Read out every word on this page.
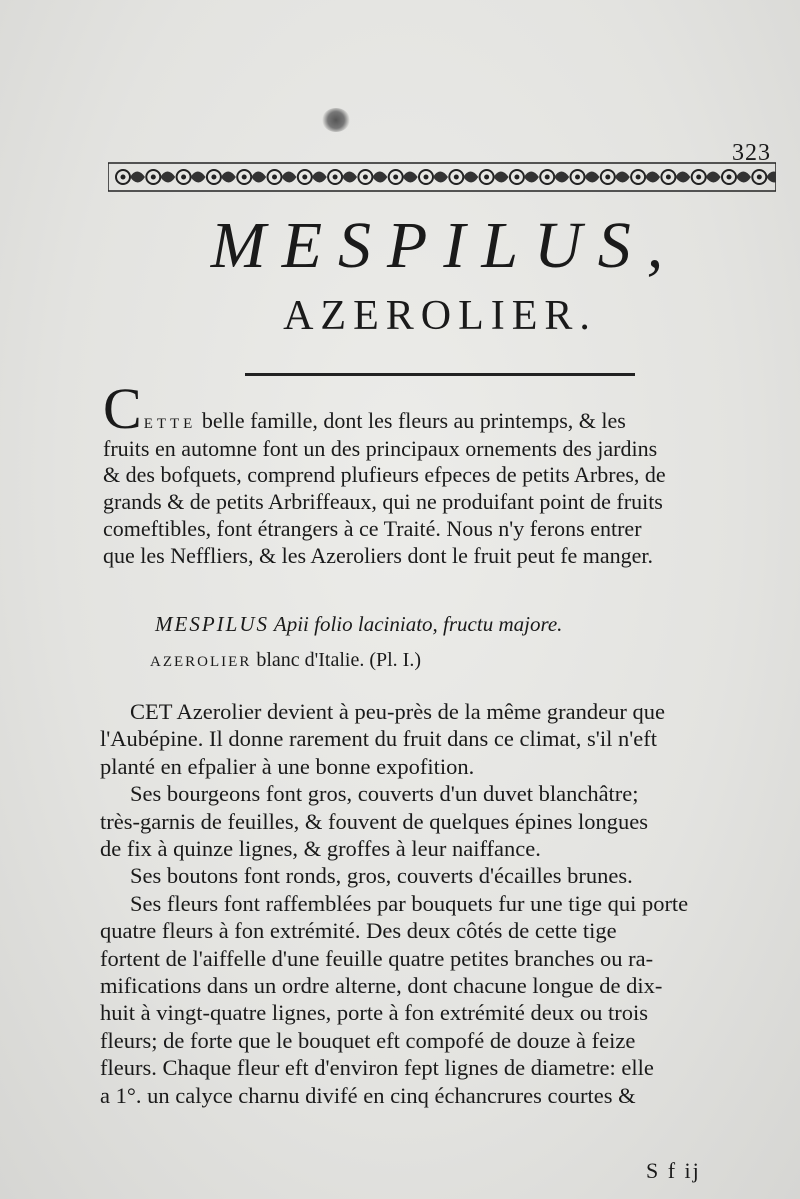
323
MESPILUS,
AZEROLIER.
C ETTE belle famille, dont les fleurs au printemps, & les
fruits en automne font un des principaux ornements des jardins
& des bofquets, comprend plufieurs efpeces de petits Arbres, de
grands & de petits Arbriffeaux, qui ne produifant point de fruits
comeftibles, font étrangers à ce Traité. Nous n'y ferons entrer
que les Neffliers, & les Azeroliers dont le fruit peut fe manger.
MESPILUS Apii folio laciniato, fructu majore.
AZEROLIER blanc d'Italie. (Pl. I.)
CET Azerolier devient à peu-près de la même grandeur que
l'Aubépine. Il donne rarement du fruit dans ce climat, s'il n'eft
planté en efpalier à une bonne expofition.
Ses bourgeons font gros, couverts d'un duvet blanchâtre;
très-garnis de feuilles, & fouvent de quelques épines longues
de fix à quinze lignes, & groffes à leur naiffance.
Ses boutons font ronds, gros, couverts d'écailles brunes.
Ses fleurs font raffemblées par bouquets fur une tige qui porte
quatre fleurs à fon extrémité. Des deux côtés de cette tige
fortent de l'aiffelle d'une feuille quatre petites branches ou ra-
mifications dans un ordre alterne, dont chacune longue de dix-
huit à vingt-quatre lignes, porte à fon extrémité deux ou trois
fleurs; de forte que le bouquet eft compofé de douze à feize
fleurs. Chaque fleur eft d'environ fept lignes de diametre: elle
a 1°. un calyce charnu divifé en cinq échancrures courtes &
S f ij
